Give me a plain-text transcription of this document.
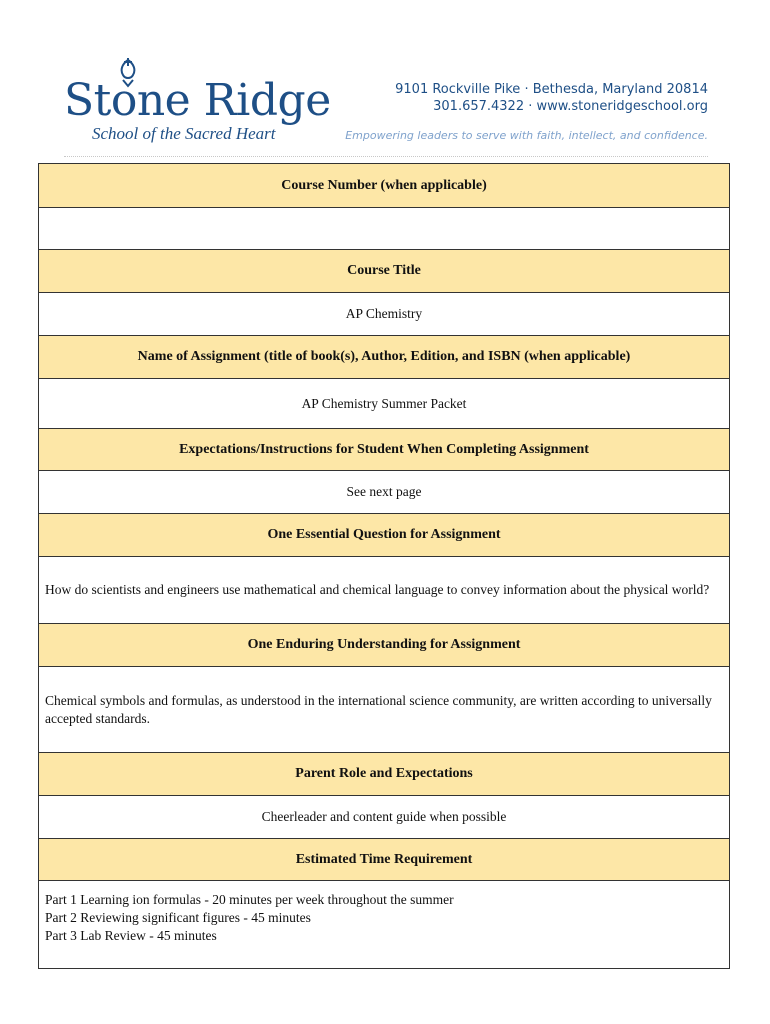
Stone Ridge
School of the Sacred Heart
9101 Rockville Pike · Bethesda, Maryland 20814
301.657.4322 · www.stoneridgeschool.org
Empowering leaders to serve with faith, intellect, and confidence.
Course Number (when applicable)
Course Title
AP Chemistry
Name of Assignment (title of book(s), Author, Edition, and ISBN (when applicable)
AP Chemistry Summer Packet
Expectations/Instructions for Student When Completing Assignment
See next page
One Essential Question for Assignment
How do scientists and engineers use mathematical and chemical language to convey information about the physical world?
One Enduring Understanding for Assignment
Chemical symbols and formulas, as understood in the international science community, are written according to universally accepted standards.
Parent Role and Expectations
Cheerleader and content guide when possible
Estimated Time Requirement
Part 1 Learning ion formulas - 20 minutes per week throughout the summer
Part 2 Reviewing significant figures - 45 minutes
Part 3 Lab Review - 45 minutes
